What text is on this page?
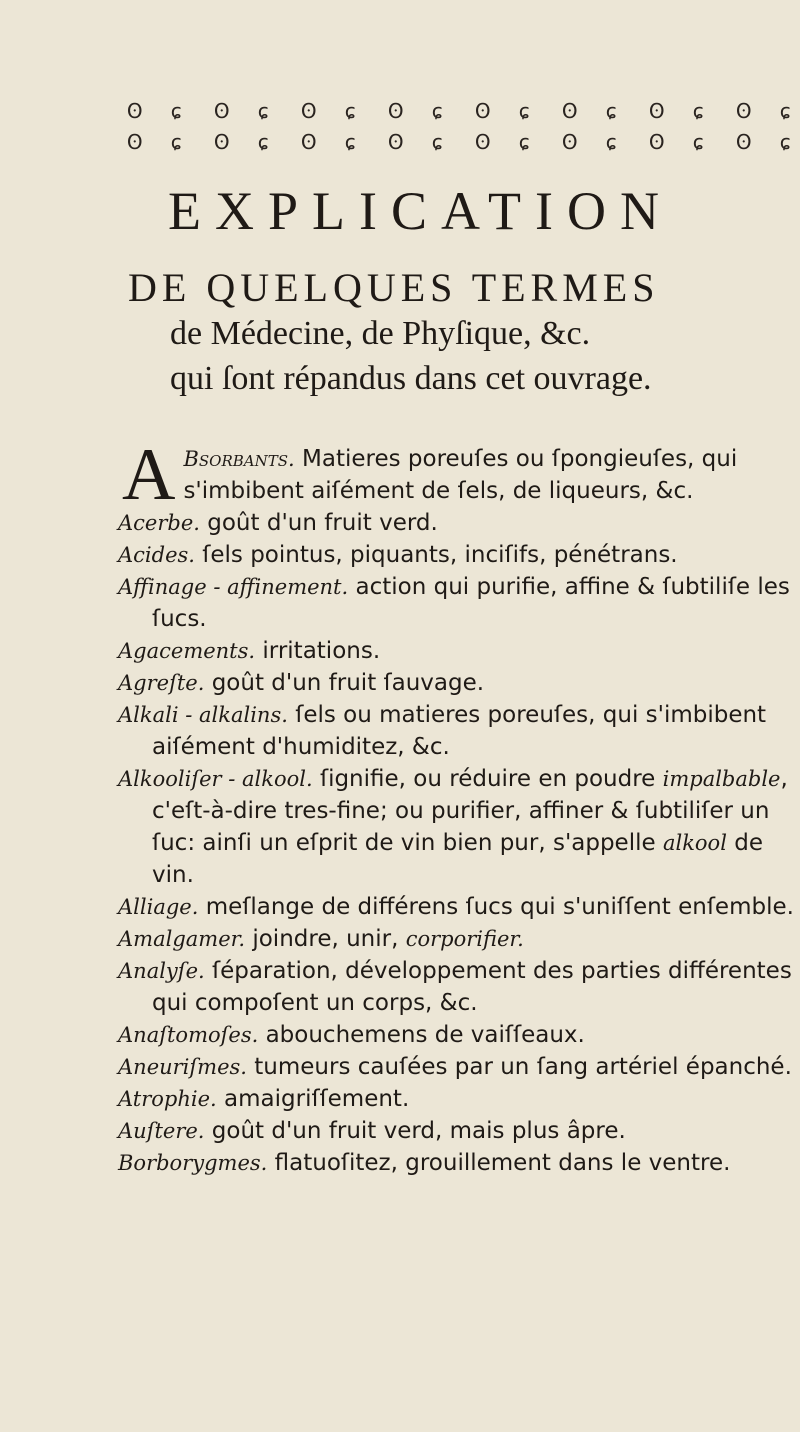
ʘ	ɕ
ʘ	ɕ
ʘ	ɕ
ʘ	ɕ
ʘ	ɕ
ʘ	ɕ
ʘ	ɕ
ʘ	ɕ
ʘ	ɕ
ʘ	ɕ
ʘ	ɕ
ʘ	ɕ
ʘ	ɕ
ʘ	ɕ
ʘ	ɕ
ʘ	ɕ
EXPLICATION
DE QUELQUES TERMES

de Médecine, de Phyſique, &c.

qui ſont répandus dans cet ouvrage.

A Bſorbants. Matieres poreuſes ou ſpongieuſes, qui s'imbibent aiſément de ſels, de liqueurs, &c.

Acerbe. goût d'un fruit verd.

Acides. ſels pointus, piquants, inciſifs, pénétrans.

Affinage - affinement. action qui purifie, affine & ſubtiliſe les ſucs.

Agacements. irritations.

Agreſte. goût d'un fruit ſauvage.

Alkali - alkalins. ſels ou matieres poreuſes, qui s'imbibent aiſément d'humiditez, &c.

Alkooliſer - alkool. ſignifie, ou réduire en poudre impalbable, c'eſt-à-dire tres-fine; ou purifier, affiner & ſubtiliſer un ſuc: ainſi un eſprit de vin bien pur, s'appelle alkool de vin.

Alliage. meſlange de différens ſucs qui s'uniſſent enſemble.

Amalgamer. joindre, unir, corporifier.

Analyſe. ſéparation, développement des parties différentes qui compoſent un corps, &c.

Anaſtomoſes. abouchemens de vaiſſeaux.

Aneuriſmes. tumeurs cauſées par un ſang artériel épanché.

Atrophie. amaigriſſement.

Auſtere. goût d'un fruit verd, mais plus âpre.

Borborygmes. flatuoſitez, grouillement dans le ventre.
